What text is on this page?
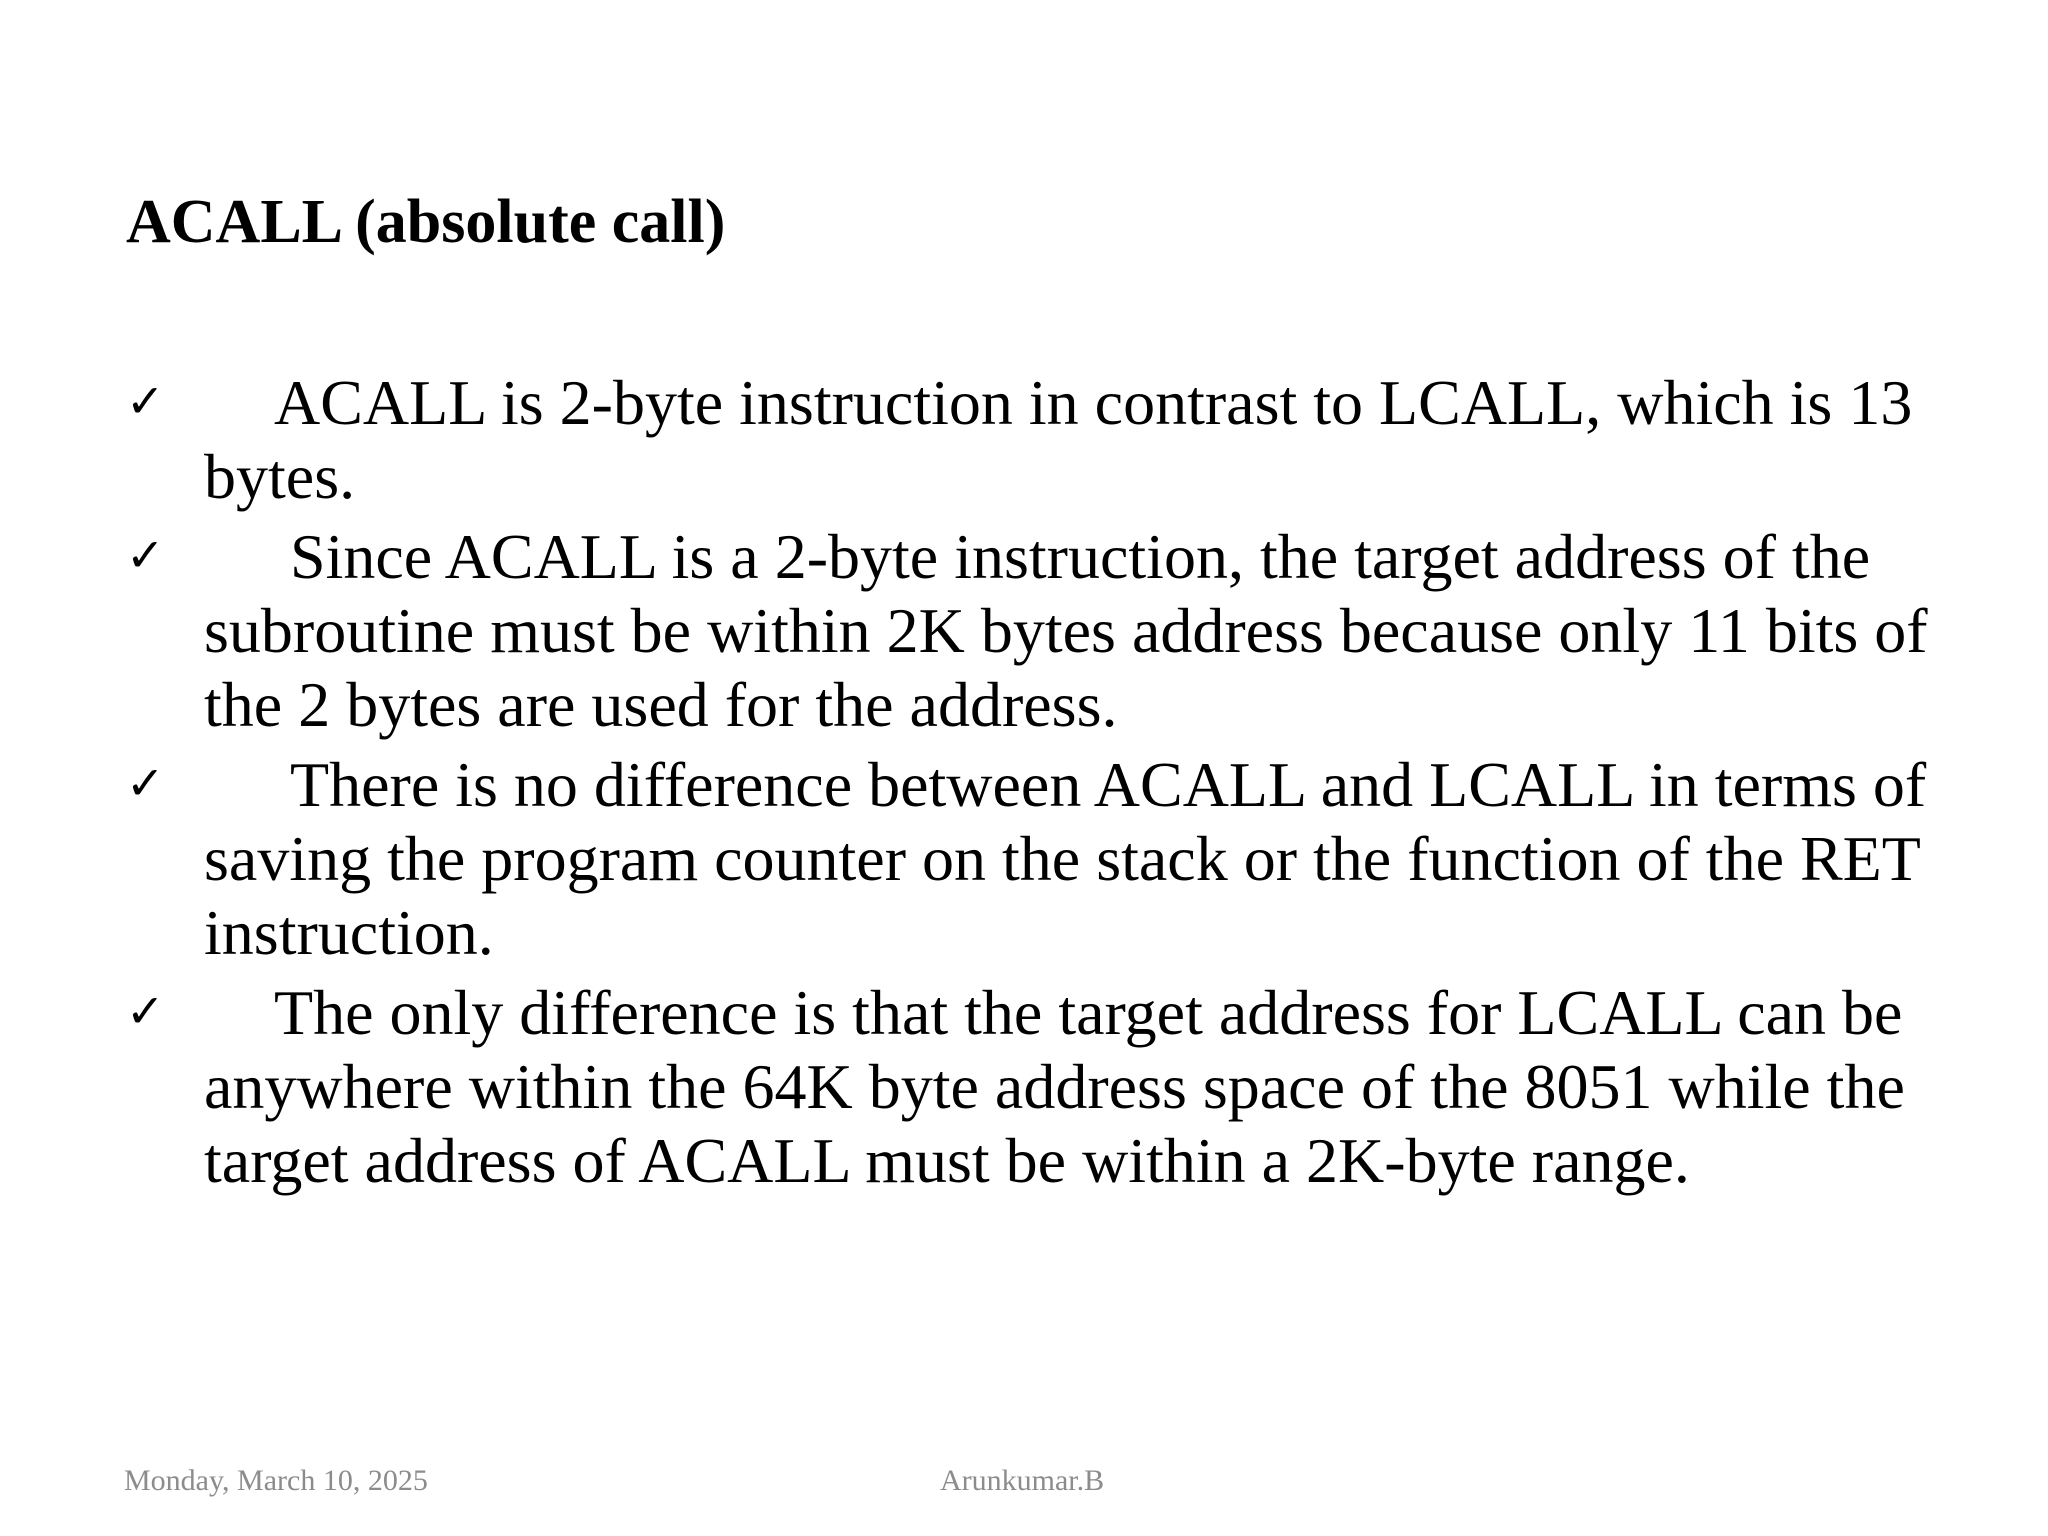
ACALL (absolute call)
✓	ACALL is 2-byte instruction in contrast to LCALL, which is 13 bytes.
✓	Since ACALL is a 2-byte instruction, the target address of the subroutine must be within 2K bytes address because only 11 bits of the 2 bytes are used for the address.
✓	There is no difference between ACALL and LCALL in terms of saving the program counter on the stack or the function of the RET instruction.
✓	The only difference is that the target address for LCALL can be anywhere within the 64K byte address space of the 8051 while the target address of ACALL must be within a 2K-byte range.
Monday, March 10, 2025	Arunkumar.B
